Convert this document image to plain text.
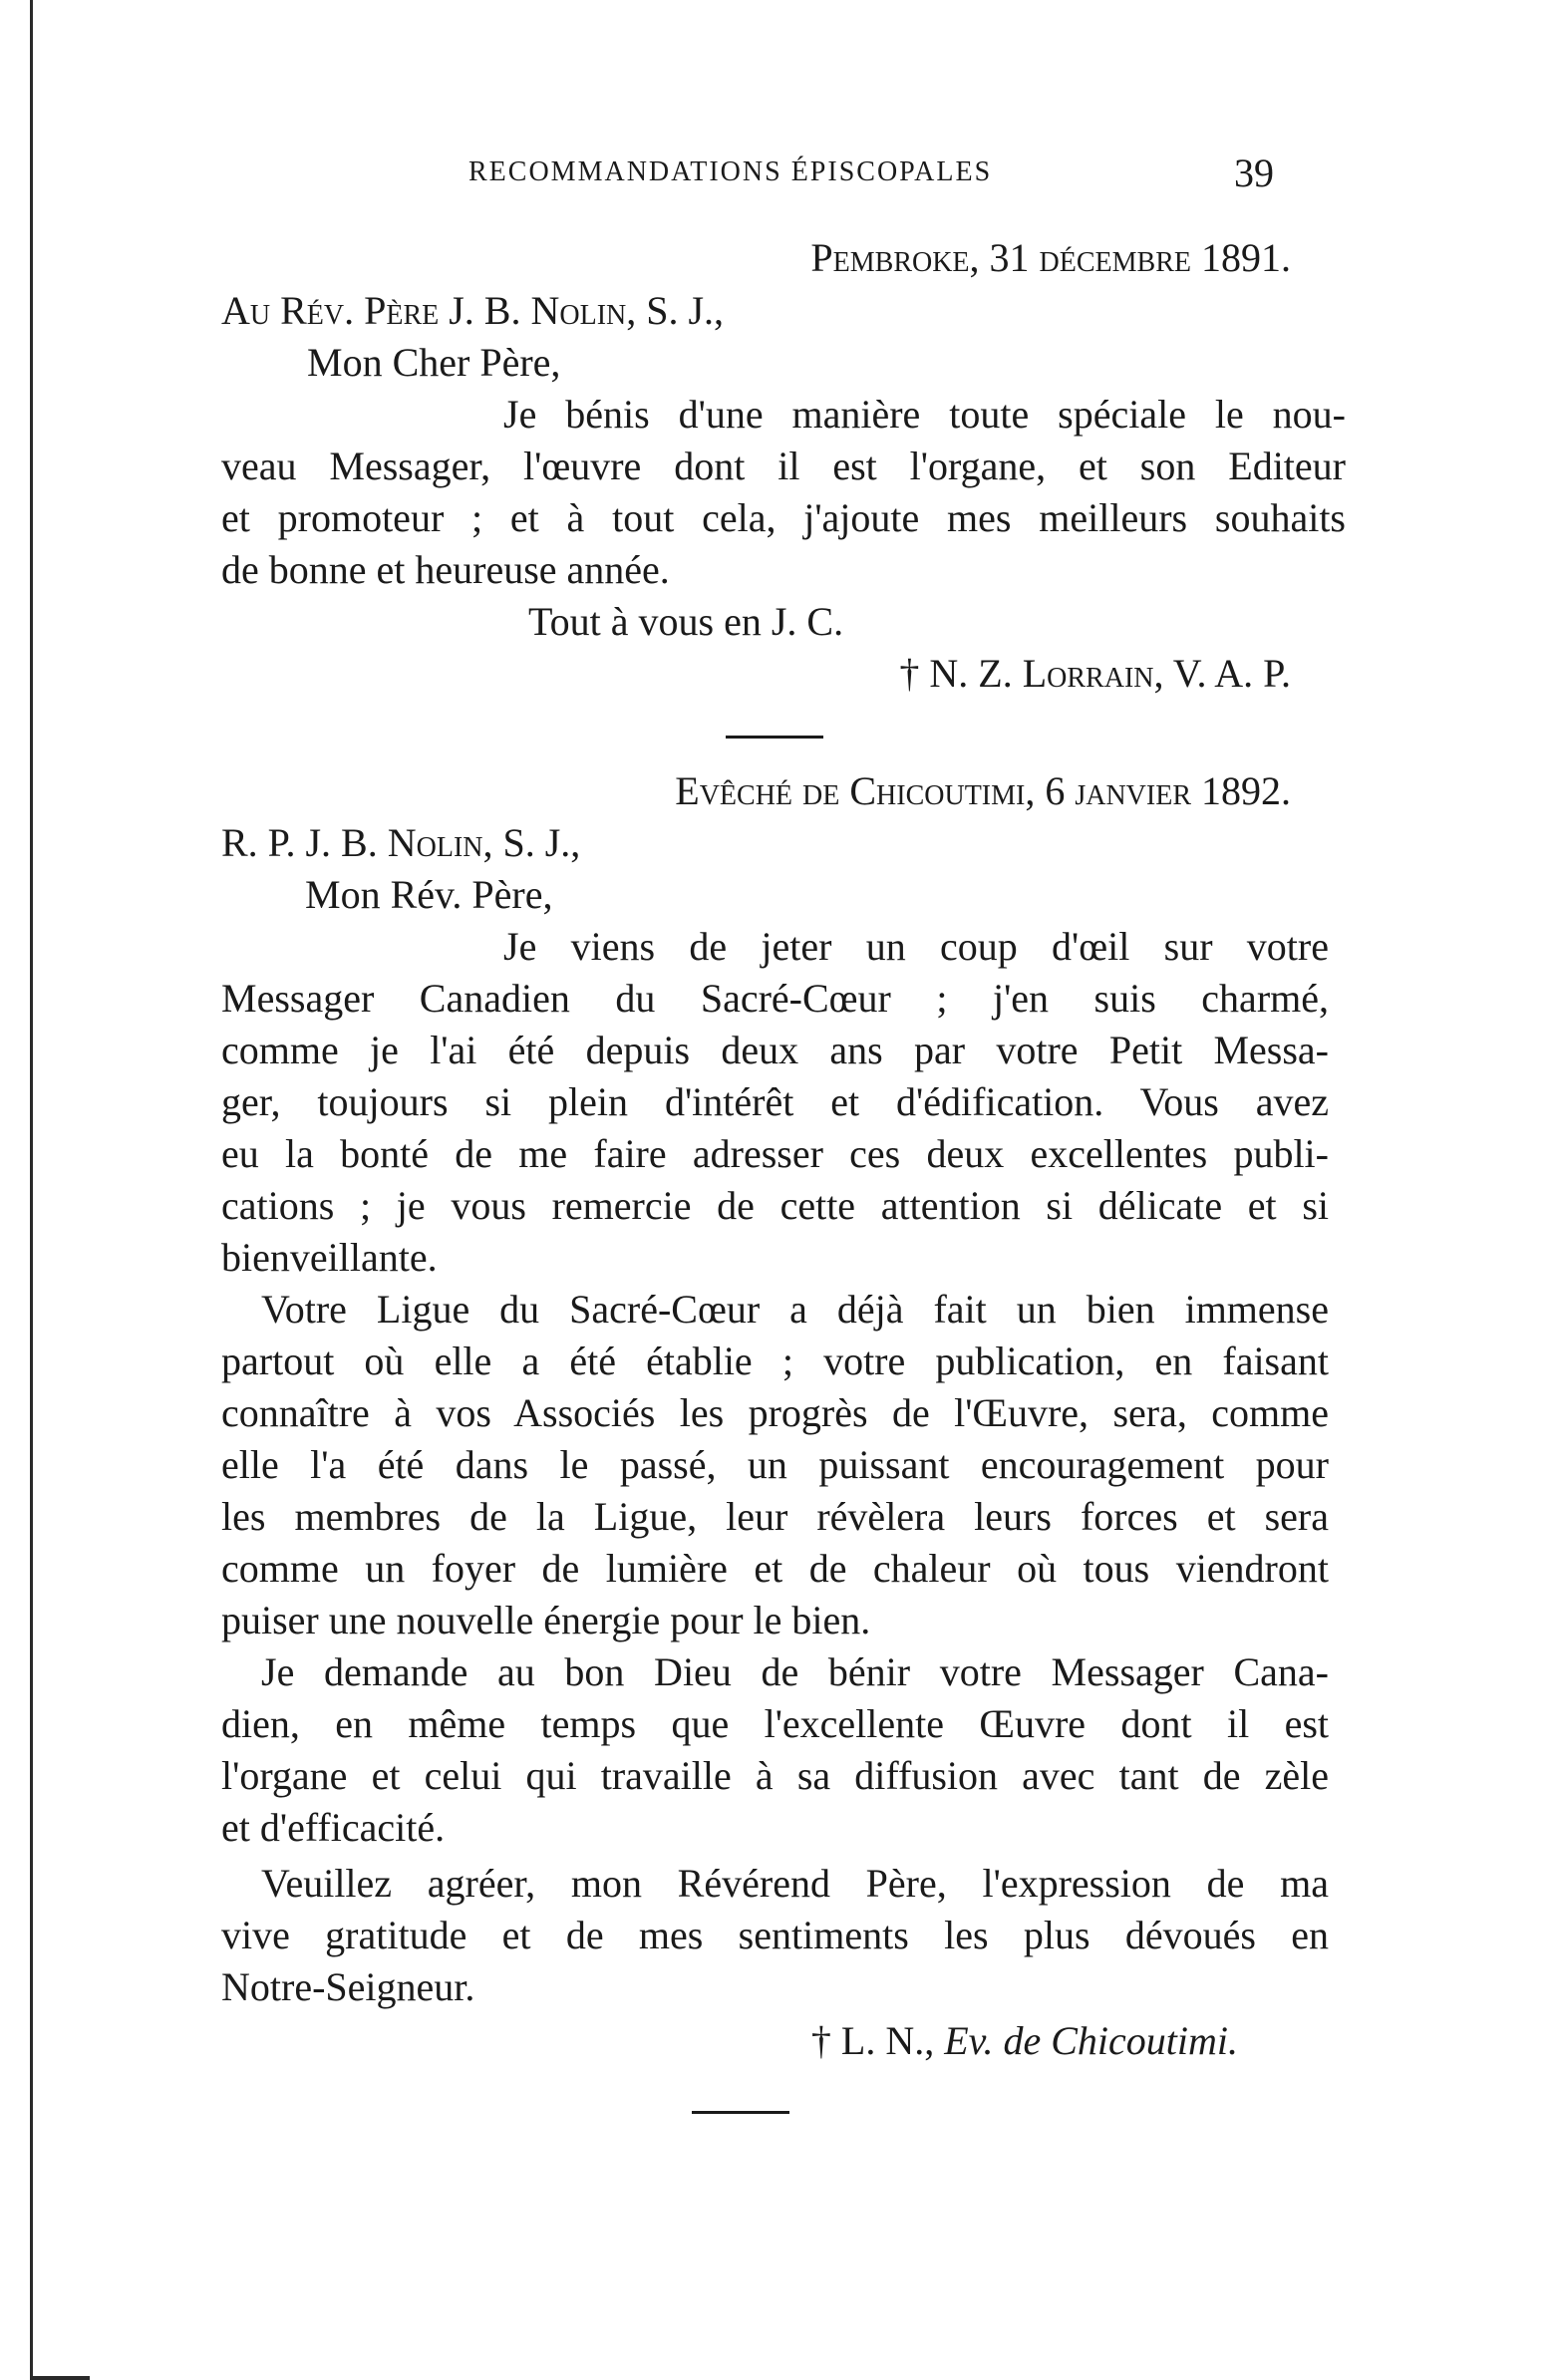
RECOMMANDATIONS ÉPISCOPALES	39
Pembroke, 31 décembre 1891.
Au Rév. Père J. B. Nolin, S. J.,
Mon Cher Père,
Je bénis d'une manière toute spéciale le nou-
veau Messager, l'œuvre dont il est l'organe, et son Editeur
et promoteur ; et à tout cela, j'ajoute mes meilleurs souhaits
de bonne et heureuse année.
Tout à vous en J. C.
† N. Z. Lorrain, V. A. P.
Evêché de Chicoutimi, 6 janvier 1892.
R. P. J. B. Nolin, S. J.,
Mon Rév. Père,
Je viens de jeter un coup d'œil sur votre
Messager Canadien du Sacré-Cœur ; j'en suis charmé,
comme je l'ai été depuis deux ans par votre Petit Messa-
ger, toujours si plein d'intérêt et d'édification. Vous avez
eu la bonté de me faire adresser ces deux excellentes publi-
cations ; je vous remercie de cette attention si délicate et si
bienveillante.
Votre Ligue du Sacré-Cœur a déjà fait un bien immense
partout où elle a été établie ; votre publication, en faisant
connaître à vos Associés les progrès de l'Œuvre, sera, comme
elle l'a été dans le passé, un puissant encouragement pour
les membres de la Ligue, leur révèlera leurs forces et sera
comme un foyer de lumière et de chaleur où tous viendront
puiser une nouvelle énergie pour le bien.
Je demande au bon Dieu de bénir votre Messager Cana-
dien, en même temps que l'excellente Œuvre dont il est
l'organe et celui qui travaille à sa diffusion avec tant de zèle
et d'efficacité.
Veuillez agréer, mon Révérend Père, l'expression de ma
vive gratitude et de mes sentiments les plus dévoués en
Notre-Seigneur.
† L. N., Ev. de Chicoutimi.
